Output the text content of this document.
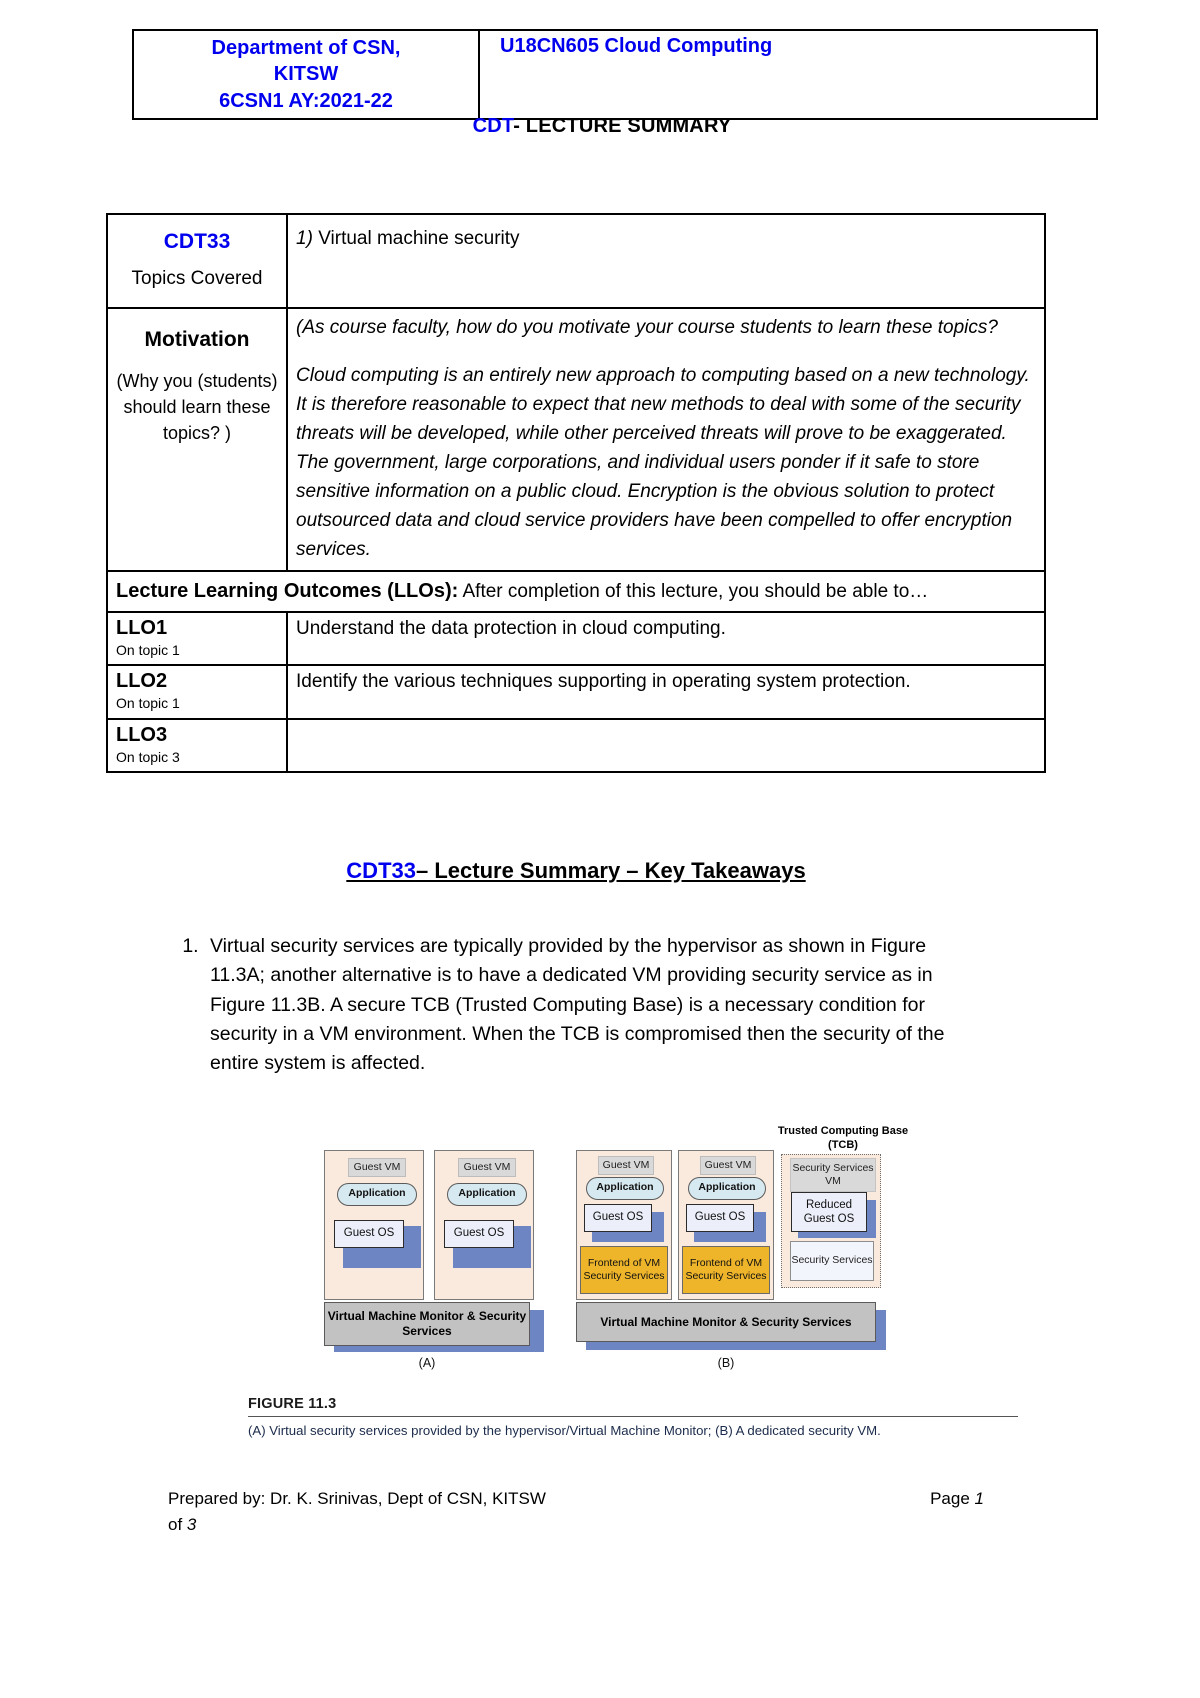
Department of CSN,
KITSW
6CSN1 AY:2021-22

U18CN605 Cloud Computing
CDT- LECTURE SUMMARY
CDT33
Topics Covered	1) Virtual machine security

Motivation
(Why you (students) should learn these topics? )

(As course faculty, how do you motivate your course students to learn these topics?

Cloud computing is an entirely new approach to computing based on a new technology. It is therefore reasonable to expect that new methods to deal with some of the security threats will be developed, while other perceived threats will prove to be exaggerated. The government, large corporations, and individual users ponder if it safe to store sensitive information on a public cloud. Encryption is the obvious solution to protect outsourced data and cloud service providers have been compelled to offer encryption services.

Lecture Learning Outcomes (LLOs): After completion of this lecture, you should be able to…	
LLO1
On topic 1	Understand the data protection in cloud computing.
LLO2
On topic 1	Identify the various techniques supporting in operating system protection.
LLO3
On topic 3	

CDT33– Lecture Summary – Key Takeaways
1. Virtual security services are typically provided by the hypervisor as shown in Figure 11.3A; another alternative is to have a dedicated VM providing security service as in Figure 11.3B. A secure TCB (Trusted Computing Base) is a necessary condition for security in a VM environment. When the TCB is compromised then the security of the entire system is affected.
Guest VM
Application
Guest OS
Guest VM
Application
Guest OS
Virtual Machine Monitor & Security Services
(A)
Guest VM
Application
Guest OS
Frontend of VM Security Services
Guest VM
Application
Guest OS
Frontend of VM Security Services
Trusted Computing Base (TCB)
Security Services VM
Reduced Guest OS
Security Services
Virtual Machine Monitor & Security Services
(B)
FIGURE 11.3
(A) Virtual security services provided by the hypervisor/Virtual Machine Monitor; (B) A dedicated security VM.
Prepared by: Dr. K. Srinivas, Dept of CSN, KITSW	Page 1
of 3
